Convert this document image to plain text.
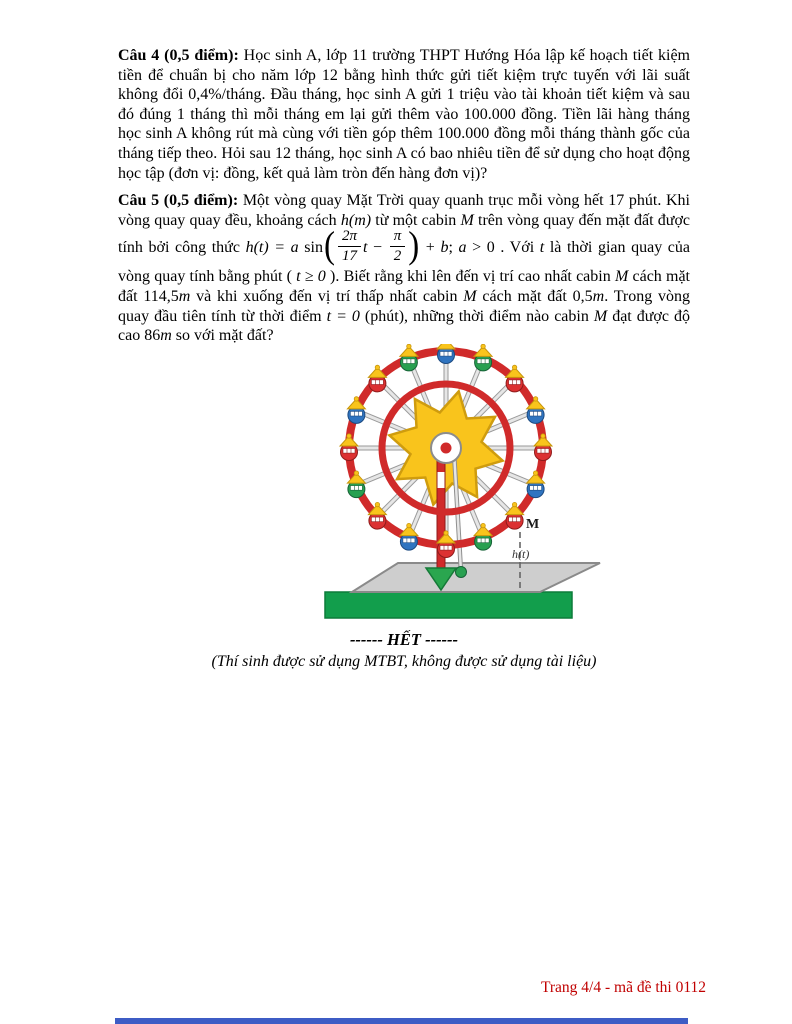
Câu 4 (0,5 điểm): Học sinh A, lớp 11 trường THPT Hướng Hóa lập kế hoạch tiết kiệm tiền để chuẩn bị cho năm lớp 12 bằng hình thức gửi tiết kiệm trực tuyến với lãi suất không đổi 0,4%/tháng. Đầu tháng, học sinh A gửi 1 triệu vào tài khoản tiết kiệm và sau đó đúng 1 tháng thì mỗi tháng em lại gửi thêm vào 100.000 đồng. Tiền lãi hàng tháng học sinh A không rút mà cùng với tiền góp thêm 100.000 đồng mỗi tháng thành gốc của tháng tiếp theo. Hỏi sau 12 tháng, học sinh A có bao nhiêu tiền để sử dụng cho hoạt động học tập (đơn vị: đồng, kết quả làm tròn đến hàng đơn vị)?

Câu 5 (0,5 điểm): Một vòng quay Mặt Trời quay quanh trục mỗi vòng hết 17 phút. Khi vòng quay quay đều, khoảng cách h(m) từ một cabin M trên vòng quay đến mặt đất được tính bởi công thức h(t) = a $\sin( \frac{2\pi}{17}$ $t - \frac{\pi}{2}$ ) + b; a > 0 . Với t là thời gian quay của vòng quay tính bằng phút ( t ≥ 0 ). Biết rằng khi lên đến vị trí cao nhất cabin M cách mặt đất 114,5m và khi xuống đến vị trí thấp nhất cabin M cách mặt đất 0,5m. Trong vòng quay đầu tiên tính từ thời điểm t = 0 (phút), những thời điểm nào cabin M đạt được độ cao 86m so với mặt đất?

M
h(t)

------ HẾT ------

(Thí sinh được sử dụng MTBT, không được sử dụng tài liệu)

Trang 4/4 - mã đề thi 0112
